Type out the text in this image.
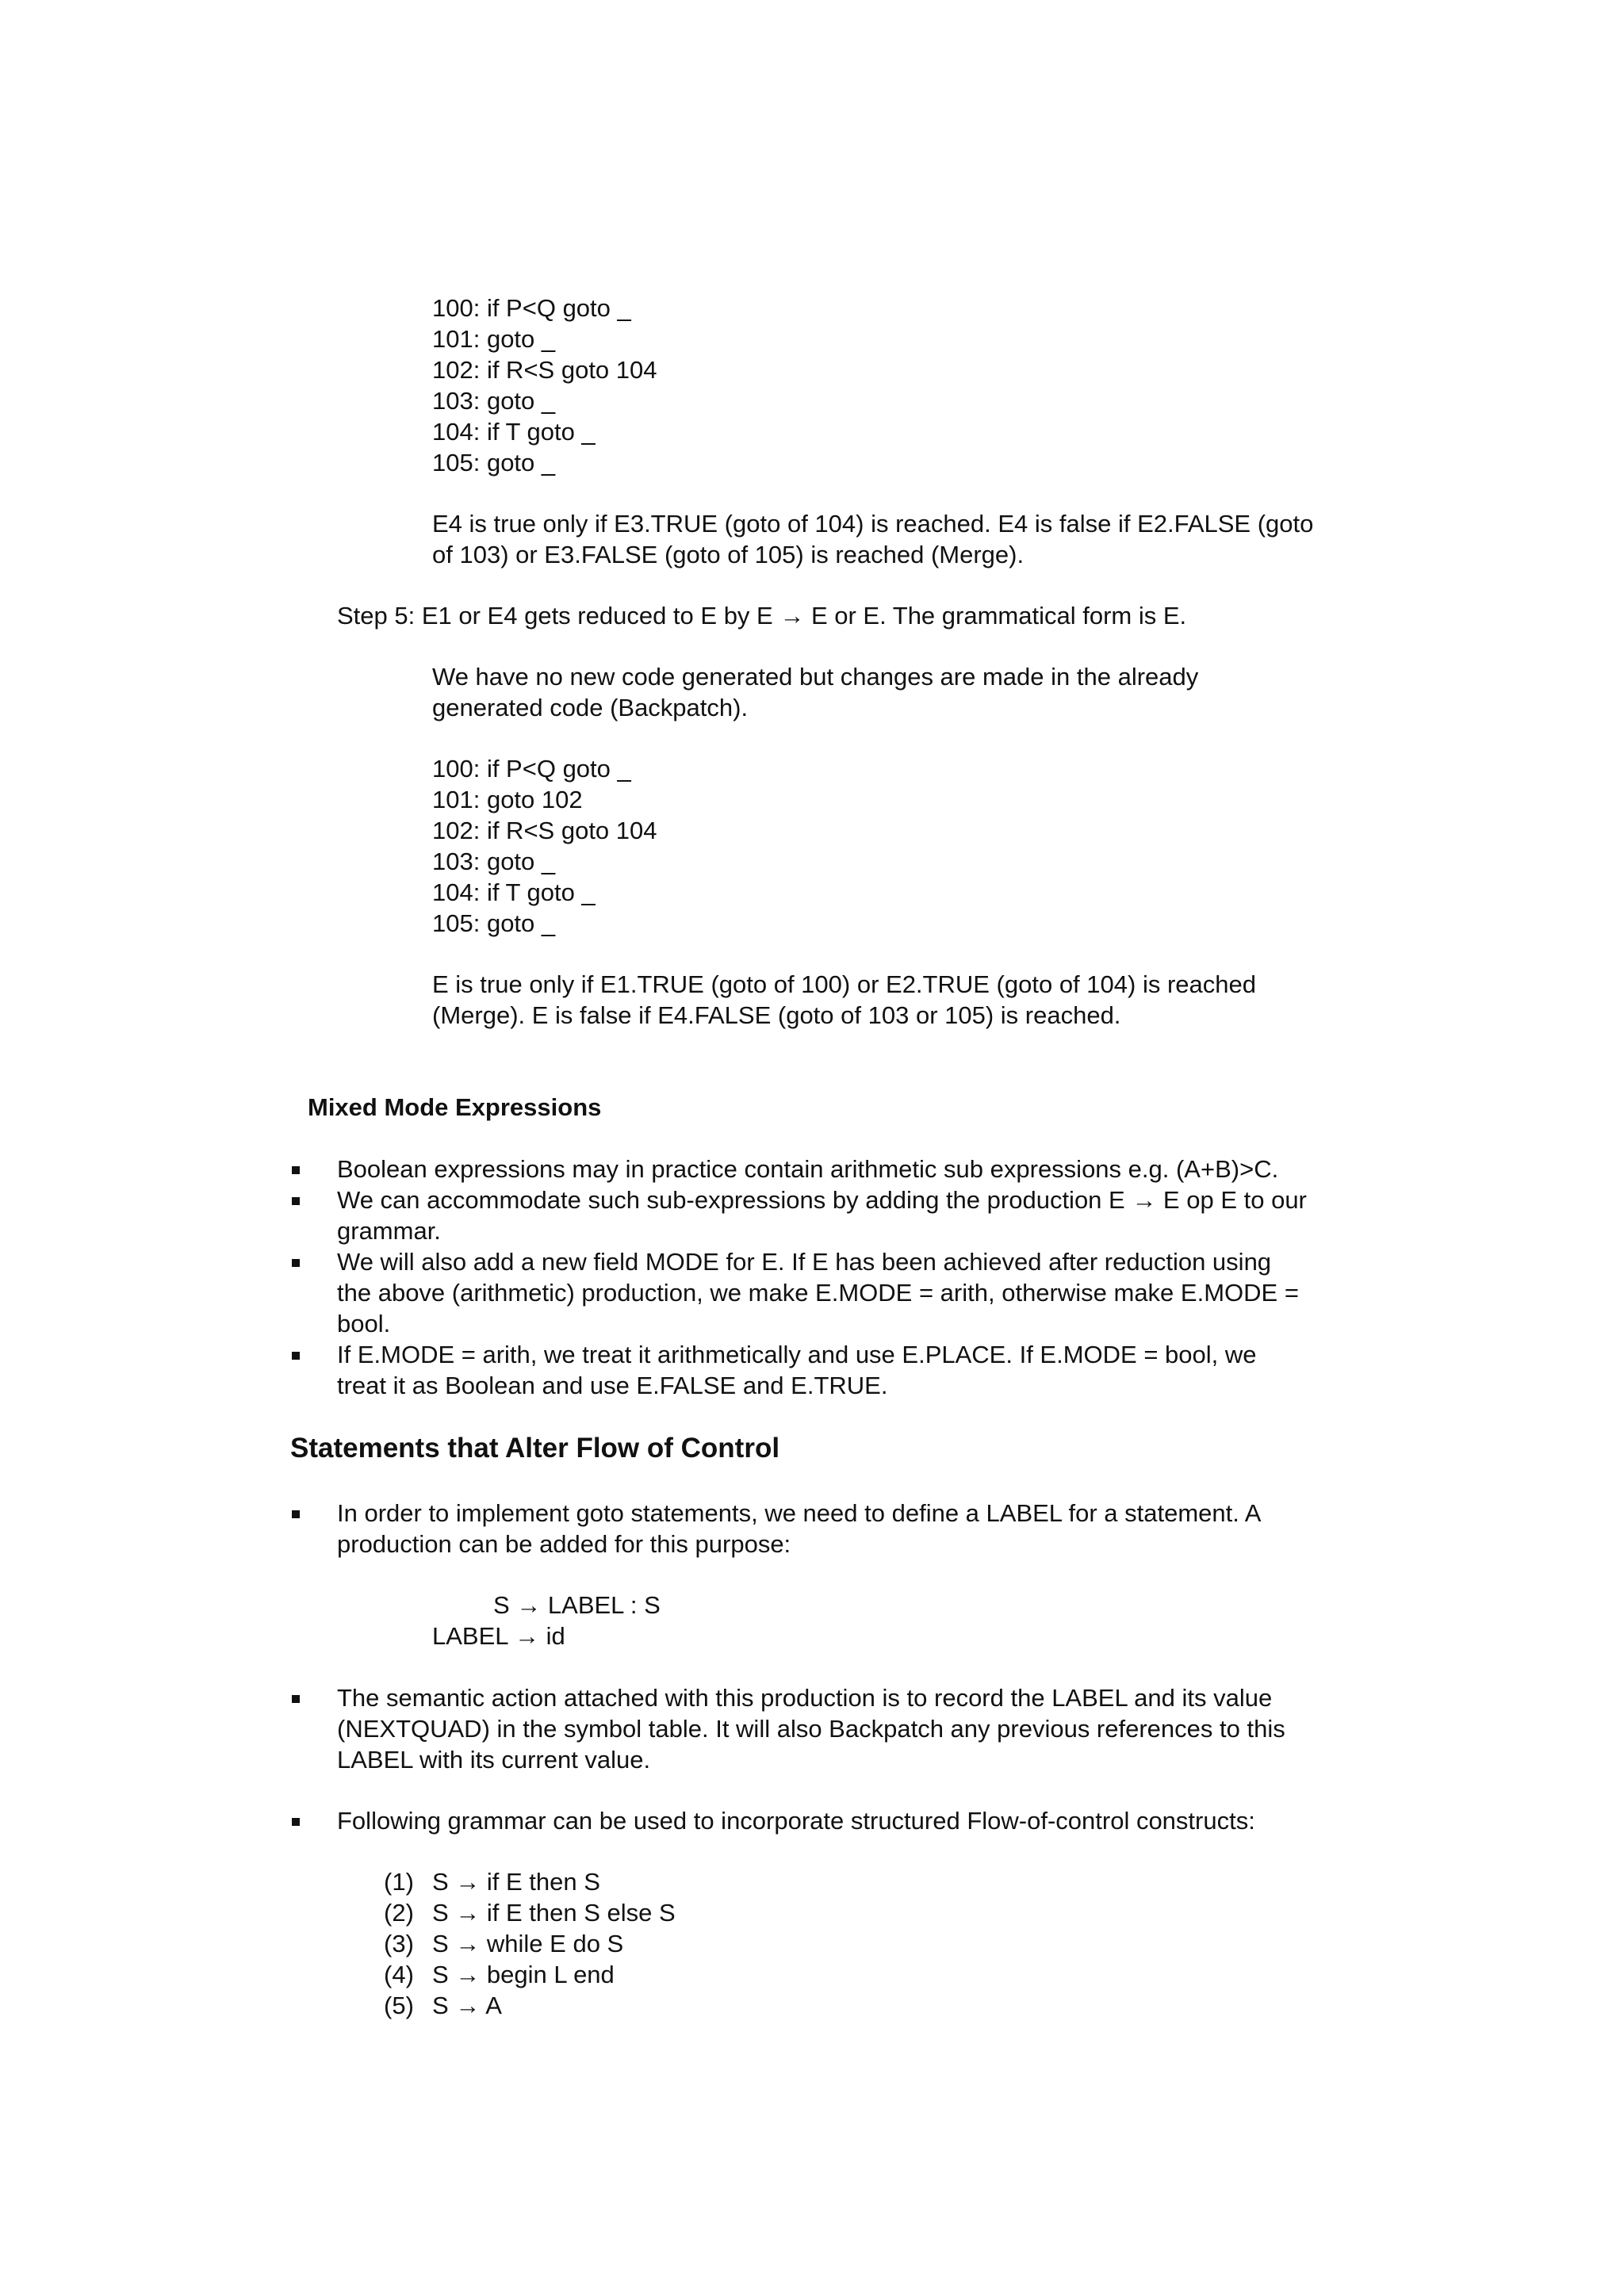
100: if P<Q goto _
101: goto _
102: if R<S goto 104
103: goto _
104: if T goto _
105: goto _
E4 is true only if E3.TRUE (goto of 104) is reached. E4 is false if E2.FALSE (goto
of 103) or E3.FALSE (goto of 105) is reached (Merge).
Step 5: E1 or E4 gets reduced to E by E → E or E. The grammatical form is E.
We have no new code generated but changes are made in the already
generated code (Backpatch).
100: if P<Q goto _
101: goto 102
102: if R<S goto 104
103: goto _
104: if T goto _
105: goto _
E is true only if E1.TRUE (goto of 100) or E2.TRUE (goto of 104) is reached
(Merge). E is false if E4.FALSE (goto of 103 or 105) is reached.
Mixed Mode Expressions
Boolean expressions may in practice contain arithmetic sub expressions e.g. (A+B)>C.
We can accommodate such sub-expressions by adding the production E → E op E to our
grammar.
We will also add a new field MODE for E. If E has been achieved after reduction using
the above (arithmetic) production, we make E.MODE = arith, otherwise make E.MODE =
bool.
If E.MODE = arith, we treat it arithmetically and use E.PLACE. If E.MODE = bool, we
treat it as Boolean and use E.FALSE and E.TRUE.
Statements that Alter Flow of Control
In order to implement goto statements, we need to define a LABEL for a statement. A
production can be added for this purpose:
S → LABEL : S
LABEL → id
The semantic action attached with this production is to record the LABEL and its value
(NEXTQUAD) in the symbol table. It will also Backpatch any previous references to this
LABEL with its current value.
Following grammar can be used to incorporate structured Flow-of-control constructs:
(1) S → if E then S
(2) S → if E then S else S
(3) S → while E do S
(4) S → begin L end
(5) S → A
